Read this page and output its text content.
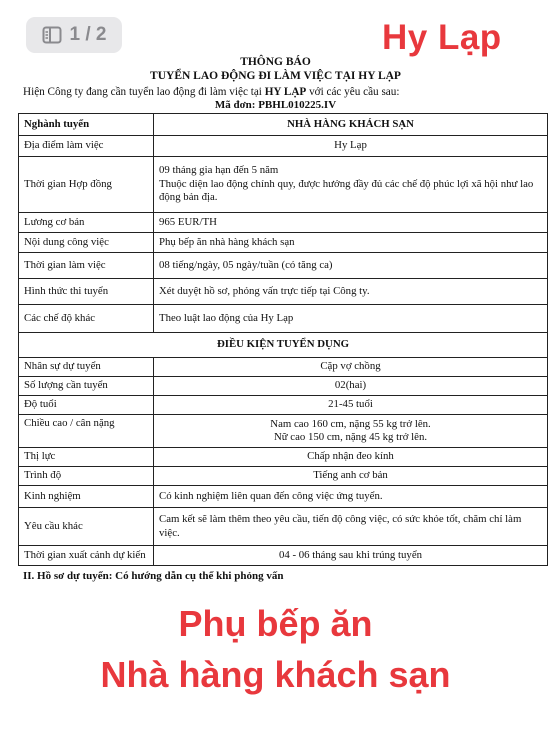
1 / 2	Hy Lạp
THÔNG BÁO
TUYỂN LAO ĐỘNG ĐI LÀM VIỆC TẠI HY LẠP
Hiện Công ty đang cần tuyển lao động đi làm việc tại HY LẠP với các yêu cầu sau:
Mã đơn: PBHL010225.IV
Nghành tuyển	NHÀ HÀNG KHÁCH SẠN
Địa điểm làm việc	Hy Lạp
Thời gian Hợp đồng	09 tháng gia hạn đến 5 năm
Thuộc diện lao động chính quy, được hưởng đầy đủ các chế độ phúc lợi xã hội như lao động bản địa.

Lương cơ bản	965 EUR/TH
Nội dung công việc	Phụ bếp ăn nhà hàng khách sạn
Thời gian làm việc	08 tiếng/ngày, 05 ngày/tuần (có tăng ca)
Hình thức thi tuyển	Xét duyệt hồ sơ, phỏng vấn trực tiếp tại Công ty.
Các chế độ khác	Theo luật lao động của Hy Lạp
ĐIỀU KIỆN TUYỂN DỤNG	
Nhân sự dự tuyển	Cặp vợ chồng
Số lượng cần tuyển	02(hai)
Độ tuổi	21-45 tuổi
Chiều cao / cân nặng	Nam cao 160 cm, nặng 55 kg trở lên.
Nữ cao 150 cm, nặng 45 kg trở lên.

Thị lực	Chấp nhận đeo kính
Trình độ	Tiếng anh cơ bản
Kinh nghiệm	Có kinh nghiệm liên quan đến công việc ứng tuyển.
Yêu cầu khác	Cam kết sẽ làm thêm theo yêu cầu, tiến độ công việc, có sức khỏe tốt, chăm chỉ làm việc.
Thời gian xuất cảnh dự kiến	04 - 06 tháng sau khi trúng tuyển
II. Hồ sơ dự tuyển: Có hướng dẫn cụ thể khi phỏng vấn
Phụ bếp ăn
Nhà hàng khách sạn
